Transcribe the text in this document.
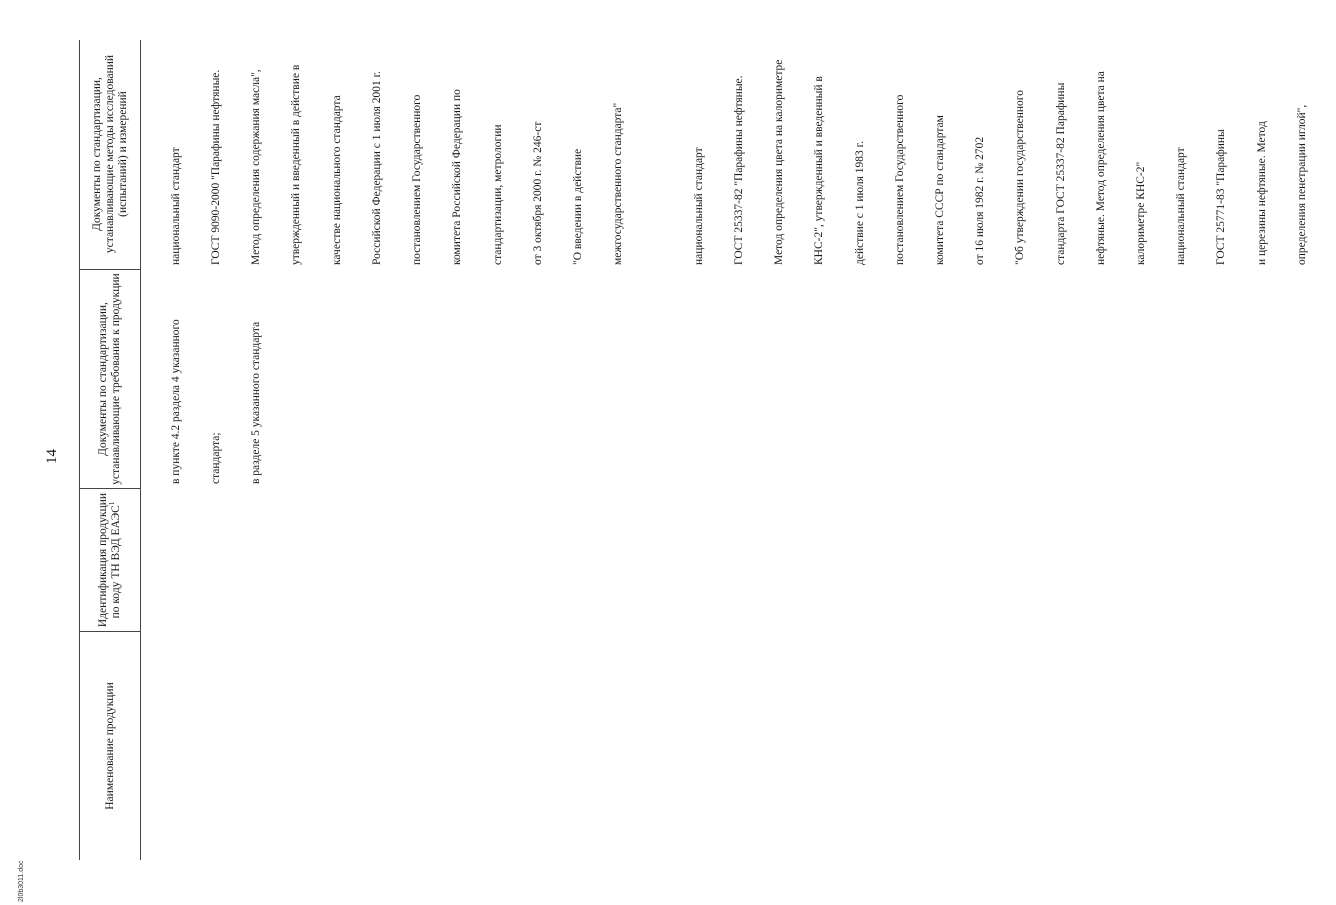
14
Наименование продукции
Идентификация продукции по коду ТН ВЭД ЕАЭС$^1$
Документы по стандартизации, устанавливающие требования к продукции
Документы по стандартизации, устанавливающие методы исследований (испытаний) и измерений

в пункте 4.2 раздела 4 указанного

стандарта;

в разделе 5 указанного стандарта

национальный стандарт

ГОСТ 9090-2000 "Парафины нефтяные.

Метод определения содержания масла",

утвержденный и введенный в действие в

качестве национального стандарта

Российской Федерации с 1 июля 2001 г.

постановлением Государственного

комитета Российской Федерации по

стандартизации, метрологии

от 3 октября 2000 г. № 246-ст

"О введении в действие

межгосударственного стандарта"

	национальный стандарт

ГОСТ 25337-82 "Парафины нефтяные.

Метод определения цвета на калориметре

КНС-2", утвержденный и введенный в

действие с 1 июля 1983 г.

постановлением Государственного

комитета СССР по стандартам

от 16 июля 1982 г. № 2702

"Об утверждении государственного

стандарта ГОСТ 25337-82 Парафины

нефтяные. Метод определения цвета на

калориметре КНС-2"

национальный стандарт

ГОСТ 25771-83 "Парафины

и церезины нефтяные. Метод

определения пенетрации иглой",

2l0b3011.doc
